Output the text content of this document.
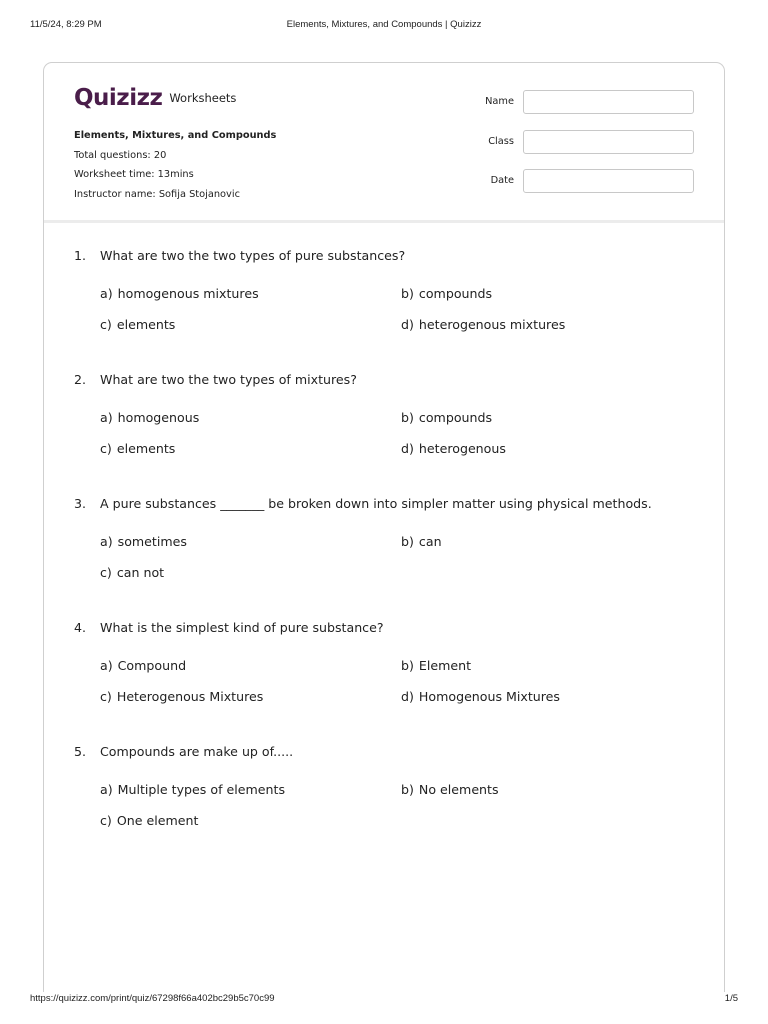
11/5/24, 8:29 PM	Elements, Mixtures, and Compounds | Quizizz
Quizizz Worksheets
Elements, Mixtures, and Compounds
Total questions: 20
Worksheet time: 13mins
Instructor name: Sofija Stojanovic
Name
Class
Date
1. What are two the two types of pure substances?
a) homogenous mixtures	b) compounds
c) elements	d) heterogenous mixtures
2. What are two the two types of mixtures?
a) homogenous	b) compounds
c) elements	d) heterogenous
3. A pure substances _______ be broken down into simpler matter using physical methods.
a) sometimes	b) can
c) can not
4. What is the simplest kind of pure substance?
a) Compound	b) Element
c) Heterogenous Mixtures	d) Homogenous Mixtures
5. Compounds are make up of.....
a) Multiple types of elements	b) No elements
c) One element
https://quizizz.com/print/quiz/67298f66a402bc29b5c70c99	1/5
